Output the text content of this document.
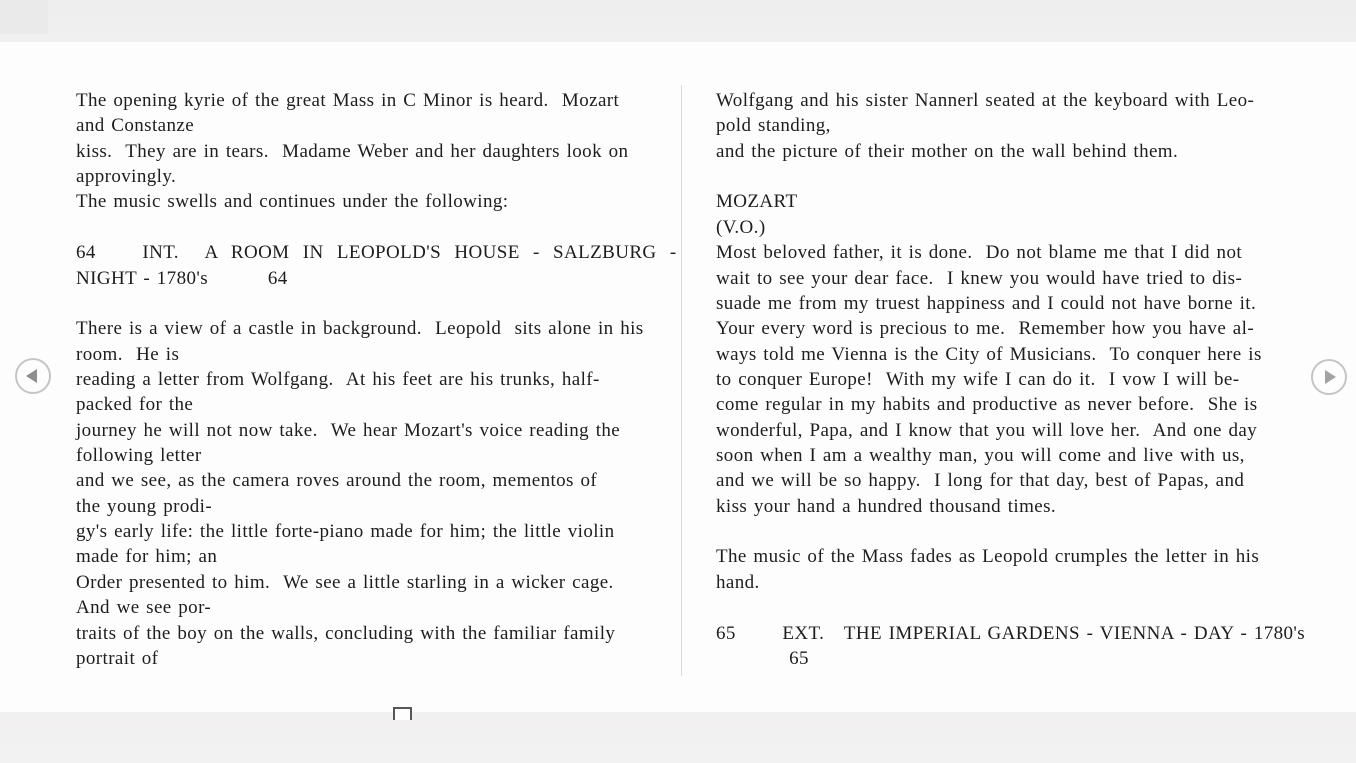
The opening kyrie of the great Mass in C Minor is heard.  Mozart
and Constanze
kiss.  They are in tears.  Madame Weber and her daughters look on
approvingly.
The music swells and continues under the following:
64       INT.    A  ROOM  IN  LEOPOLD'S  HOUSE  -  SALZBURG  -
NIGHT - 1780's         64
There is a view of a castle in background.  Leopold  sits alone in his
room.  He is
reading a letter from Wolfgang.  At his feet are his trunks, half-
packed for the
journey he will not now take.  We hear Mozart's voice reading the
following letter
and we see, as the camera roves around the room, mementos of
the young prodi-
gy's early life: the little forte-piano made for him; the little violin
made for him; an
Order presented to him.  We see a little starling in a wicker cage.
And we see por-
traits of the boy on the walls, concluding with the familiar family
portrait of
Wolfgang and his sister Nannerl seated at the keyboard with Leo-
pold standing,
and the picture of their mother on the wall behind them.
MOZART
(V.O.)
Most beloved father, it is done.  Do not blame me that I did not
wait to see your dear face.  I knew you would have tried to dis-
suade me from my truest happiness and I could not have borne it.
Your every word is precious to me.  Remember how you have al-
ways told me Vienna is the City of Musicians.  To conquer here is
to conquer Europe!  With my wife I can do it.  I vow I will be-
come regular in my habits and productive as never before.  She is
wonderful, Papa, and I know that you will love her.  And one day
soon when I am a wealthy man, you will come and live with us,
and we will be so happy.  I long for that day, best of Papas, and
kiss your hand a hundred thousand times.
The music of the Mass fades as Leopold crumples the letter in his
hand.
65       EXT.   THE IMPERIAL GARDENS - VIENNA - DAY - 1780's
65
